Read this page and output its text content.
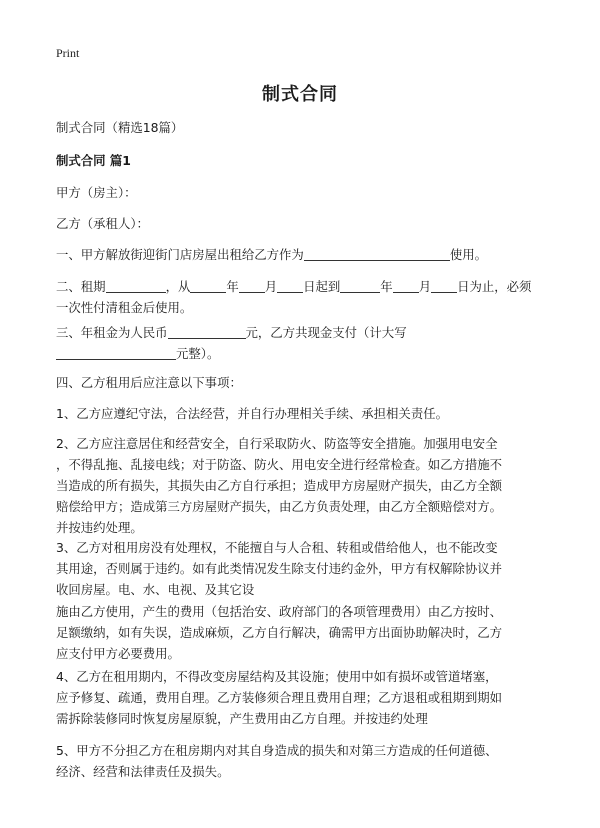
Print
制式合同

制式合同（精选18篇）

制式合同 篇1

甲方（房主）：

乙方（承租人）：

一、甲方解放街迎街门店房屋出租给乙方作为	使用。

二、租期	，从	年 月 日起到	年 月 日为止，必须
一次性付清租金后使用。
三、年租金为人民币	元，乙方共现金支付（计大写
元整）。

四、乙方租用后应注意以下事项：

1、乙方应遵纪守法，合法经营，并自行办理相关手续、承担相关责任。

2、乙方应注意居住和经营安全，自行采取防火、防盗等安全措施。加强用电安全
，不得乱拖、乱接电线；对于防盗、防火、用电安全进行经常检查。如乙方措施不
当造成的所有损失，其损失由乙方自行承担；造成甲方房屋财产损失，由乙方全额
赔偿给甲方；造成第三方房屋财产损失，由乙方负责处理，由乙方全额赔偿对方。
并按违约处理。
3、乙方对租用房没有处理权，不能擅自与人合租、转租或借给他人，也不能改变
其用途，否则属于违约。如有此类情况发生除支付违约金外，甲方有权解除协议并
收回房屋。电、水、电视、及其它设
施由乙方使用，产生的费用（包括治安、政府部门的各项管理费用）由乙方按时、
足额缴纳，如有失误，造成麻烦，乙方自行解决，确需甲方出面协助解决时，乙方
应支付甲方必要费用。
4、乙方在租用期内，不得改变房屋结构及其设施；使用中如有损坏或管道堵塞，
应予修复、疏通，费用自理。乙方装修须合理且费用自理；乙方退租或租期到期如
需拆除装修同时恢复房屋原貌，产生费用由乙方自理。并按违约处理
5、甲方不分担乙方在租房期内对其自身造成的损失和对第三方造成的任何道德、
经济、经营和法律责任及损失。
